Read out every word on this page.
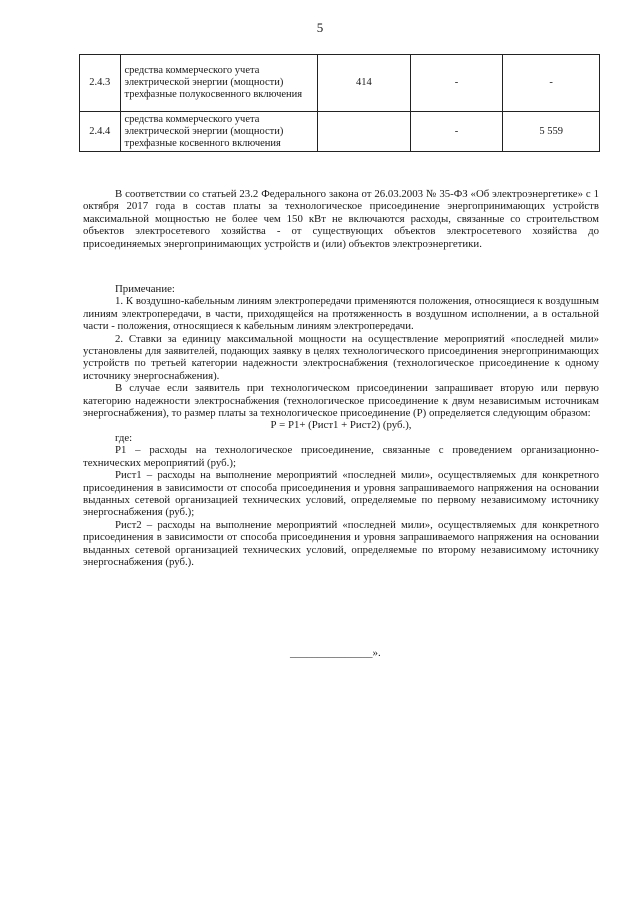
5
2.4.3	средства коммерческого учета электрической энергии (мощности) трехфазные полукосвенного включения	414	-	-
2.4.4	средства коммерческого учета электрической энергии (мощности) трехфазные косвенного включения		-	5 559

В соответствии со статьей 23.2 Федерального закона от 26.03.2003 № 35-ФЗ «Об электроэнергетике» с 1 октября 2017 года в состав платы за технологическое присоединение энергопринимающих устройств максимальной мощностью не более чем 150 кВт не включаются расходы, связанные со строительством объектов электросетевого хозяйства - от существующих объектов электросетевого хозяйства до присоединяемых энергопринимающих устройств и (или) объектов электроэнергетики.

Примечание:

1. К воздушно-кабельным линиям электропередачи применяются положения, относящиеся к воздушным линиям электропередачи, в части, приходящейся на протяженность в воздушном исполнении, а в остальной части - положения, относящиеся к кабельным линиям электропередачи.

2. Ставки за единицу максимальной мощности на осуществление мероприятий «последней мили» установлены для заявителей, подающих заявку в целях технологического присоединения энергопринимающих устройств по третьей категории надежности электроснабжения (технологическое присоединение к одному источнику энергоснабжения).

В случае если заявитель при технологическом присоединении запрашивает вторую или первую категорию надежности электроснабжения (технологическое присоединение к двум независимым источникам энергоснабжения), то размер платы за технологическое присоединение (Р) определяется следующим образом:

Р = Р1+ (Рист1 + Рист2) (руб.),

где:

Р1 – расходы на технологическое присоединение, связанные с проведением организационно-технических мероприятий (руб.);

Рист1 – расходы на выполнение мероприятий «последней мили», осуществляемых для конкретного присоединения в зависимости от способа присоединения и уровня запрашиваемого напряжения на основании выданных сетевой организацией технических условий, определяемые по первому независимому источнику энергоснабжения (руб.);

Рист2 – расходы на выполнение мероприятий «последней мили», осуществляемых для конкретного присоединения в зависимости от способа присоединения и уровня запрашиваемого напряжения на основании выданных сетевой организацией технических условий, определяемые по второму независимому источнику энергоснабжения (руб.).

_______________».
